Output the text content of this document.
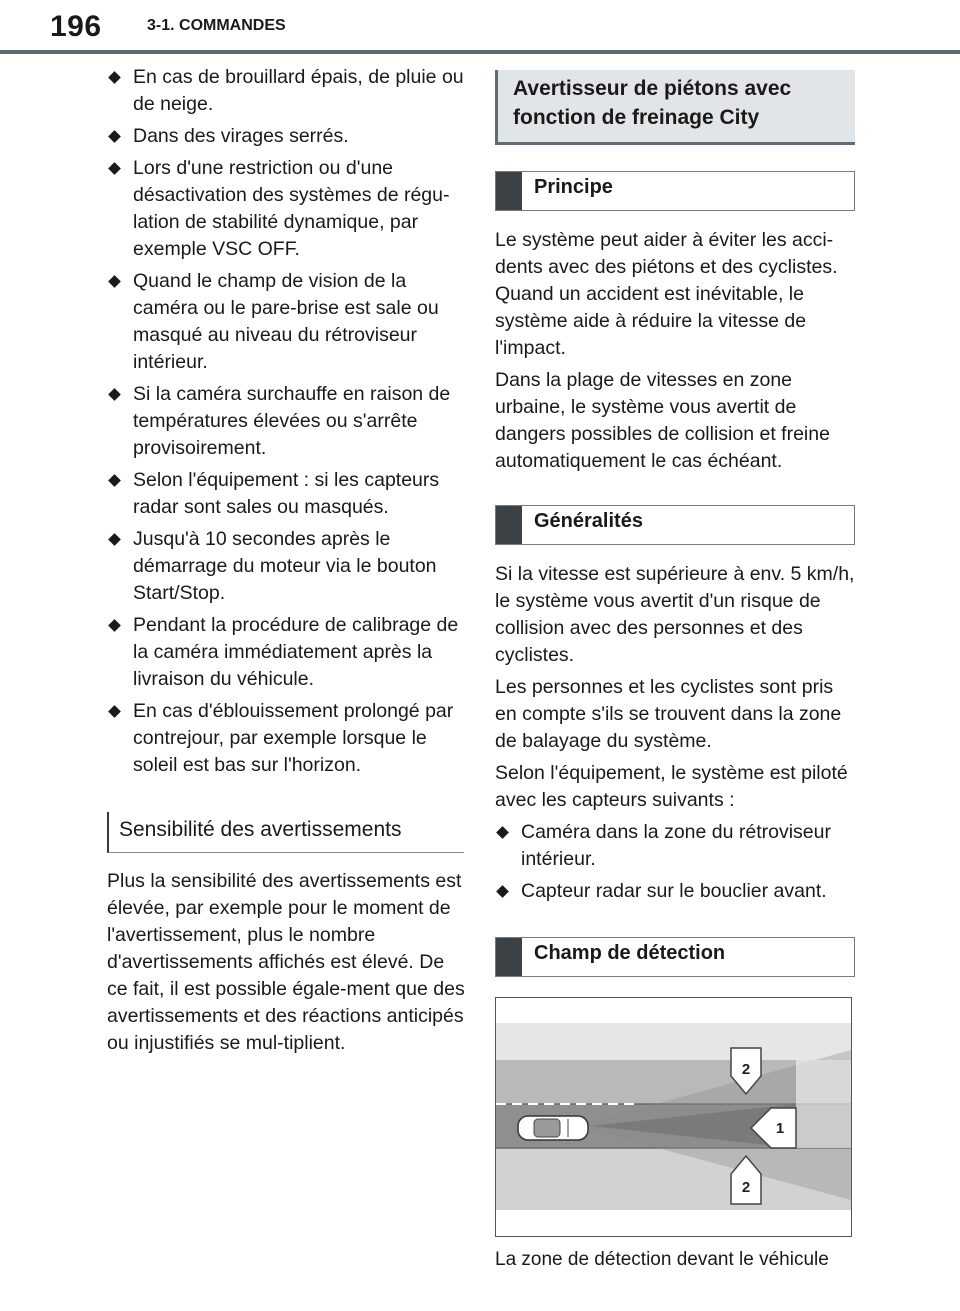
196	3-1. COMMANDES
En cas de brouillard épais, de pluie ou de neige.
Dans des virages serrés.
Lors d'une restriction ou d'une désactivation des systèmes de régu-lation de stabilité dynamique, par exemple VSC OFF.
Quand le champ de vision de la caméra ou le pare-brise est sale ou masqué au niveau du rétroviseur intérieur.
Si la caméra surchauffe en raison de températures élevées ou s'arrête provisoirement.
Selon l'équipement : si les capteurs radar sont sales ou masqués.
Jusqu'à 10 secondes après le démarrage du moteur via le bouton Start/Stop.
Pendant la procédure de calibrage de la caméra immédiatement après la livraison du véhicule.
En cas d'éblouissement prolongé par contrejour, par exemple lorsque le soleil est bas sur l'horizon.
Sensibilité des avertissements

Plus la sensibilité des avertissements est élevée, par exemple pour le moment de l'avertissement, plus le nombre d'avertissements affichés est élevé. De ce fait, il est possible égale-ment que des avertissements et des réactions anticipés ou injustifiés se mul-tiplient.

Avertisseur de piétons avec fonction de freinage City
Principe

Le système peut aider à éviter les acci-dents avec des piétons et des cyclistes. Quand un accident est inévitable, le système aide à réduire la vitesse de l'impact.

Dans la plage de vitesses en zone urbaine, le système vous avertit de dangers possibles de collision et freine automatiquement le cas échéant.

Généralités

Si la vitesse est supérieure à env. 5 km/h, le système vous avertit d'un risque de collision avec des personnes et des cyclistes.

Les personnes et les cyclistes sont pris en compte s'ils se trouvent dans la zone de balayage du système.

Selon l'équipement, le système est piloté avec les capteurs suivants :

Caméra dans la zone du rétroviseur intérieur.
Capteur radar sur le bouclier avant.
Champ de détection
2
1
2
La zone de détection devant le véhicule
